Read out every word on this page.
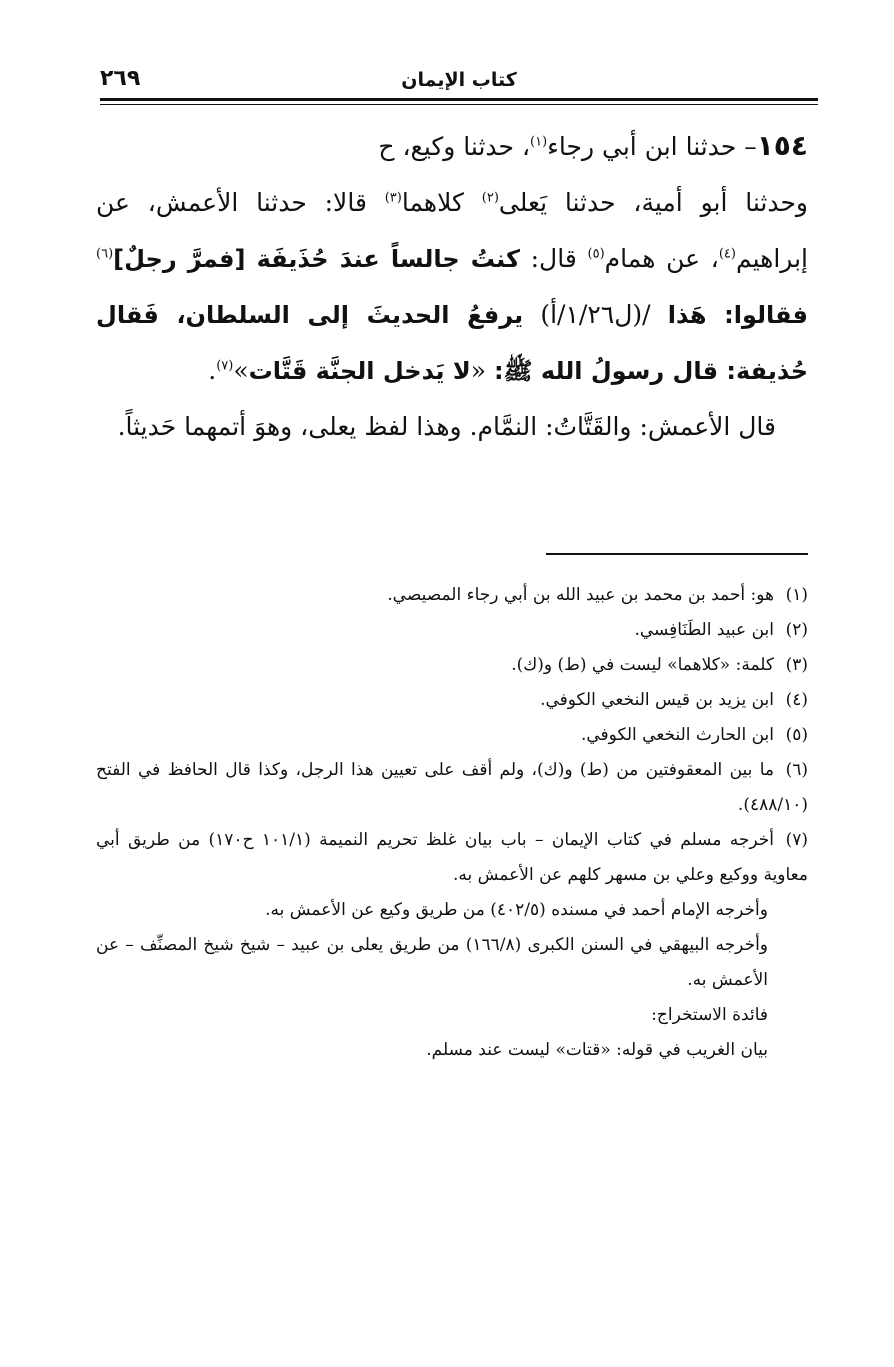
٢٦٩	كتاب الإيمان

١٥٤– حدثنا ابن أبي رجاء$^{(١)}$، حدثنا وكيع، ح
وحدثنا أبو أمية، حدثنا يَعلى$^{(٢)}$ كلاهما$^{(٣)}$ قالا: حدثنا الأعمش، عن إبراهيم$^{(٤)}$، عن همام$^{(٥)}$ قال: كنتُ جالساً عندَ حُذَيفَة [فمرَّ رجلٌ]$^{(٦)}$ فقالوا: هَذا /(ل١/٢٦/أ) يرفعُ الحديثَ إلى السلطان، فَقال حُذيفة: قال رسولُ الله ﷺ: «لا يَدخل الجنَّة قَتَّات»$^{(٧)}$.

قال الأعمش: والقَتَّاتُ: النمَّام. وهذا لفظ يعلى، وهوَ أتمهما حَديثاً.

(١)هو: أحمد بن محمد بن عبيد الله بن أبي رجاء المصيصي.

(٢)ابن عبيد الطَنَافِسي.

(٣)كلمة: «كلاهما» ليست في (ط) و(ك).

(٤)ابن يزيد بن قيس النخعي الكوفي.

(٥)ابن الحارث النخعي الكوفي.

(٦)ما بين المعقوفتين من (ط) و(ك)، ولم أقف على تعيين هذا الرجل، وكذا قال الحافظ في الفتح (٤٨٨/١٠).

(٧)أخرجه مسلم في كتاب الإيمان – باب بيان غلظ تحريم النميمة (١٠١/١ ح١٧٠) من طريق أبي معاوية ووكيع وعلي بن مسهر كلهم عن الأعمش به.

وأخرجه الإمام أحمد في مسنده (٤٠٢/٥) من طريق وكيع عن الأعمش به.

وأخرجه البيهقي في السنن الكبرى (١٦٦/٨) من طريق يعلى بن عبيد – شيخ شيخ المصنِّف – عن الأعمش به.

فائدة الاستخراج:

بيان الغريب في قوله: «قتات» ليست عند مسلم.
